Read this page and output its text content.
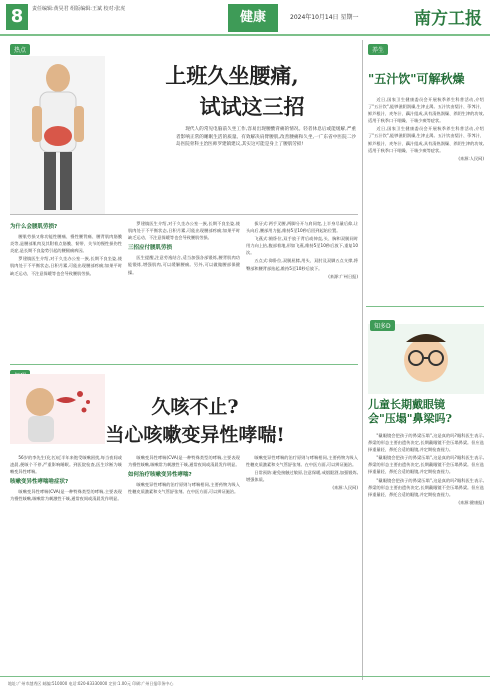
8	责任编辑:黄昊君 组版编辑:王斌 校对:张虎
健康	2024年10月14日 星期一	南方工报
热点
上班久坐腰痛,
试试这三招

现代人的常见电脑前久坐工作,容易出现腰酸背痛的情况。轻者休息后或能缓解,严重者影响正常的睡眠生活的质量。有效解决肩臂腰肌,改善腰痛和久坐,一广东省中医院二沙岛医院骨科主治医师罗建镇建议,其实这可能是身上了腰肌劳损!

为什么会腰肌劳损?

腰肌劳损又称功能性腰痛、慢性腰背痛、腰背肌肉筋膜炎等,是腰部肌肉及其附着点筋膜、韧带、关节的慢性损伤性炎症,是长期不良姿势引起的腰腿痛病因。

罗建镇医生介绍,对于久坐办公室一族,长期不良坐姿,使肌肉处于不平衡状态,日积月累,可能出现腰部疼痛;如果平时缺乏运动、不注意保暖等也会导致腰肌劳损。

罗建镇医生介绍,对于久坐办公室一族,长期不良坐姿,使肌肉处于不平衡状态,日积月累,可能出现腰部疼痛;如果平时缺乏运动、不注意保暖等也会导致腰肌劳损。

三招应付腰肌劳损

医生提醒,注意劳逸结合,适当加强各部锻炼,腰背肌肉功能锻炼,增强肌肉,可以缓解腰痛。另外,可以做做腰部保健操。

拔牙式:两手叉腰,两脚分开与肩同宽,上半身尽量后仰,让头向后,腰部用力挺,维持5至10秒后回到起始位置。

飞燕式:俯卧位,双手放于背后或伸直,头、胸和双腿同时用力向上抬,腹部着地,形如飞燕,维持5至10秒后放下,重复10次。

五点式:仰卧位,双腿屈膝,用头、双肘及双脚五点支撑,将臀部和腰背部抬起,维持5至10秒后放下。

(来源:广州日报)

久咳不止?
当心咳嗽变异性哮喘!

56岁的李先生(化名)近半年来饱受咳嗽困扰,每当夜间或凌晨,便咳个不停,严重影响睡眠。到医院检查,医生诊断为咳嗽变异性哮喘。

咳嗽变异性哮喘啥症状?

咳嗽变异性哮喘(CVA)是一种特殊类型的哮喘,主要表现为慢性咳嗽,咳嗽常为刺激性干咳,通常夜间或清晨发作明显。

咳嗽变异性哮喘(CVA)是一种特殊类型的哮喘,主要表现为慢性咳嗽,咳嗽常为刺激性干咳,通常夜间或清晨发作明显。

如何治疗咳嗽变异性哮喘?

咳嗽变异性哮喘的治疗原则与哮喘相同,主要药物为吸入性糖皮质激素和支气管舒张剂。在中医方面,可以辨证施治。

咳嗽变异性哮喘的治疗原则与哮喘相同,主要药物为吸入性糖皮质激素和支气管舒张剂。在中医方面,可以辨证施治。

日常预防:避免接触过敏原,注意保暖,戒烟限酒,加强锻炼,增强体质。

(来源:人民网)

养生
"五汁饮"可解秋燥

近日,国家卫生健康委员会开展秋季养生科普活动,介绍了"五汁饮",能够滋阴润燥,生津止渴。五汁饮由梨汁、荸荠汁、鲜芦根汁、麦冬汁、藕汁组成,具有清热润燥、养阴生津的功效,适用于秋季口干咽燥、干咳少痰等症状。

近日,国家卫生健康委员会开展秋季养生科普活动,介绍了"五汁饮",能够滋阴润燥,生津止渴。五汁饮由梨汁、荸荠汁、鲜芦根汁、麦冬汁、藕汁组成,具有清热润燥、养阴生津的功效,适用于秋季口干咽燥、干咳少痰等症状。

(来源:人民网)

知多D
儿童长期戴眼镜
会"压塌"鼻梁吗?

"戴眼镜会把孩子的鼻梁压塌",这是真的吗?眼科医生表示,鼻梁的形态主要由遗传决定,长期戴眼镜不会压塌鼻梁。但应选择重量轻、鼻托合适的眼镜,并定期检查视力。

"戴眼镜会把孩子的鼻梁压塌",这是真的吗?眼科医生表示,鼻梁的形态主要由遗传决定,长期戴眼镜不会压塌鼻梁。但应选择重量轻、鼻托合适的眼镜,并定期检查视力。

"戴眼镜会把孩子的鼻梁压塌",这是真的吗?眼科医生表示,鼻梁的形态主要由遗传决定,长期戴眼镜不会压塌鼻梁。但应选择重量轻、鼻托合适的眼镜,并定期检查视力。

(来源:健康报)

地址:广州市越秀区 邮编:510000 电话:020-83330000 定价:1.00元 印刷:广州日报印务中心
